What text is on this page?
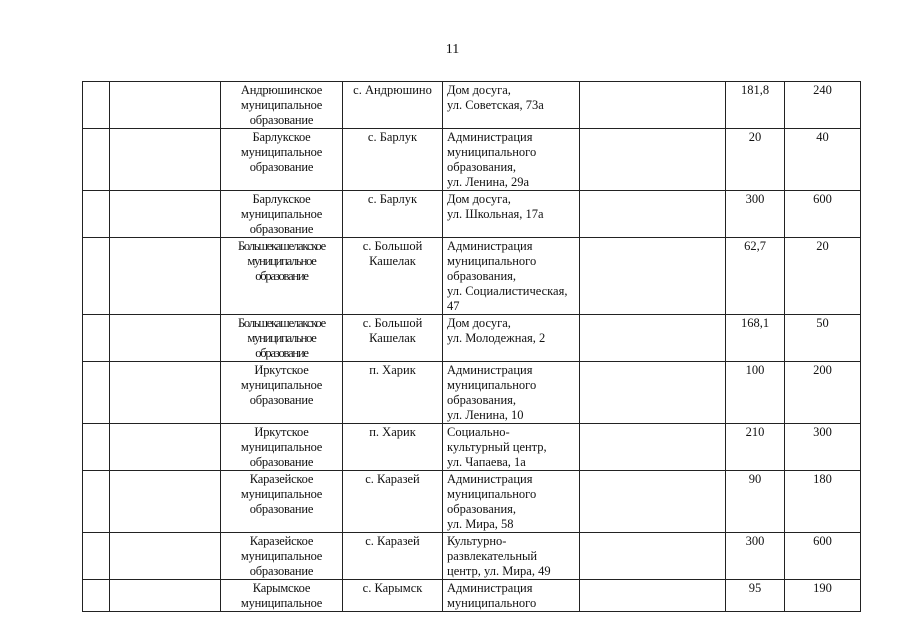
11

		Андрюшинское
муниципальное
образование	с. Андрюшино	Дом досуга,
ул. Советская, 73а		181,8	240

		Барлукское
муниципальное
образование	с. Барлук	Администрация
муниципального
образования,
ул. Ленина, 29а		20	40

		Барлукское
муниципальное
образование	с. Барлук	Дом досуга,
ул. Школьная, 17а		300	600

		Большекашелакское
муниципальное
образование	с. Большой
Кашелак	Администрация
муниципального
образования,
ул. Социалистическая,
47		62,7	20

		Большекашелакское
муниципальное
образование	с. Большой
Кашелак	Дом досуга,
ул. Молодежная, 2		168,1	50

		Иркутское
муниципальное
образование	п. Харик	Администрация
муниципального
образования,
ул. Ленина, 10		100	200

		Иркутское
муниципальное
образование	п. Харик	Социально-
культурный центр,
ул. Чапаева, 1а		210	300

		Каразейское
муниципальное
образование	с. Каразей	Администрация
муниципального
образования,
ул. Мира, 58		90	180

		Каразейское
муниципальное
образование	с. Каразей	Культурно-
развлекательный
центр, ул. Мира, 49		300	600

		Карымское
муниципальное	с. Карымск	Администрация
муниципального		95	190
